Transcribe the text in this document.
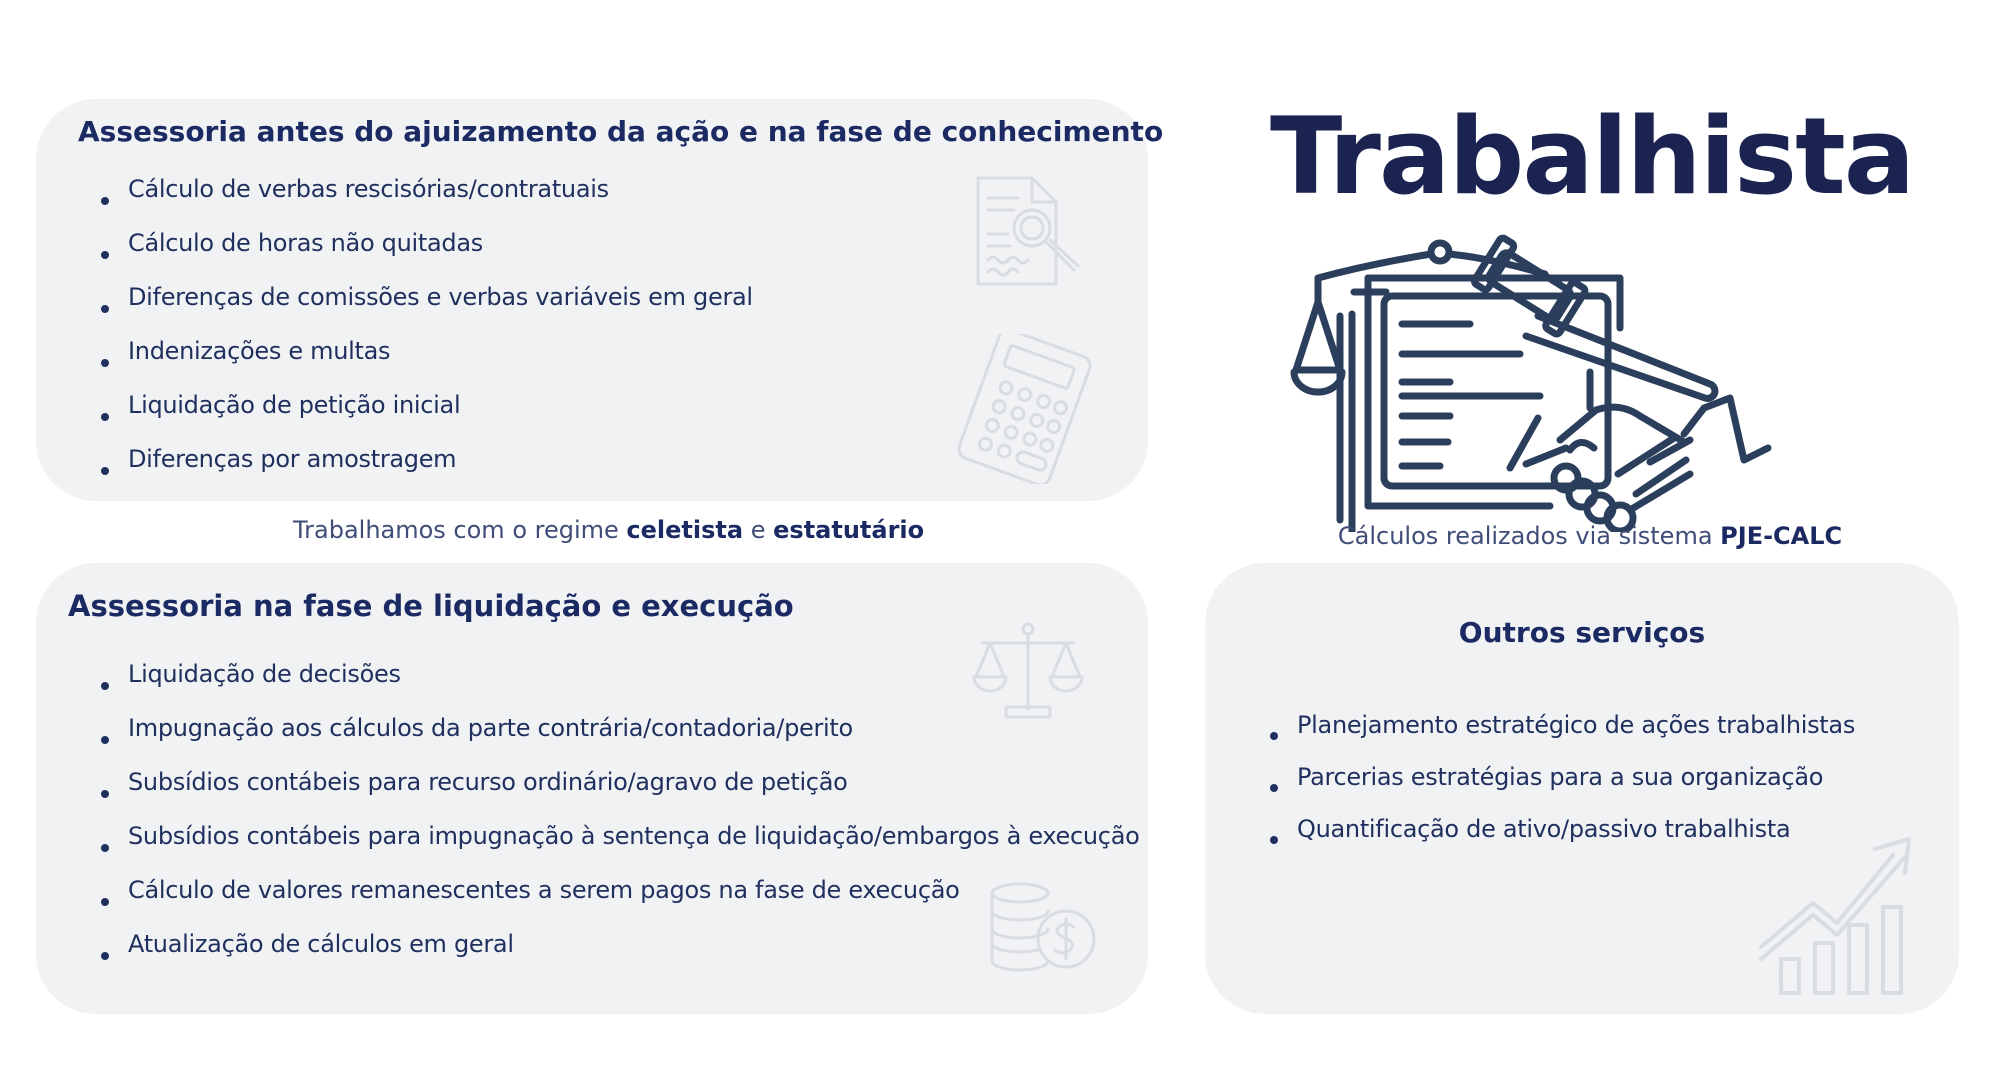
Assessoria antes do ajuizamento da ação e na fase de conhecimento
Cálculo de verbas rescisórias/contratuais
Cálculo de horas não quitadas
Diferenças de comissões e verbas variáveis em geral
Indenizações e multas
Liquidação de petição inicial
Diferenças por amostragem

Trabalhamos com o regime celetista e estatutário

Assessoria na fase de liquidação e execução
Liquidação de decisões
Impugnação aos cálculos da parte contrária/contadoria/perito
Subsídios contábeis para recurso ordinário/agravo de petição
Subsídios contábeis para impugnação à sentença de liquidação/embargos à execução
Cálculo de valores remanescentes a serem pagos na fase de execução
Atualização de cálculos em geral
Trabalhista

Cálculos realizados via sistema PJE-CALC

Outros serviços
Planejamento estratégico de ações trabalhistas
Parcerias estratégias para a sua organização
Quantificação de ativo/passivo trabalhista
